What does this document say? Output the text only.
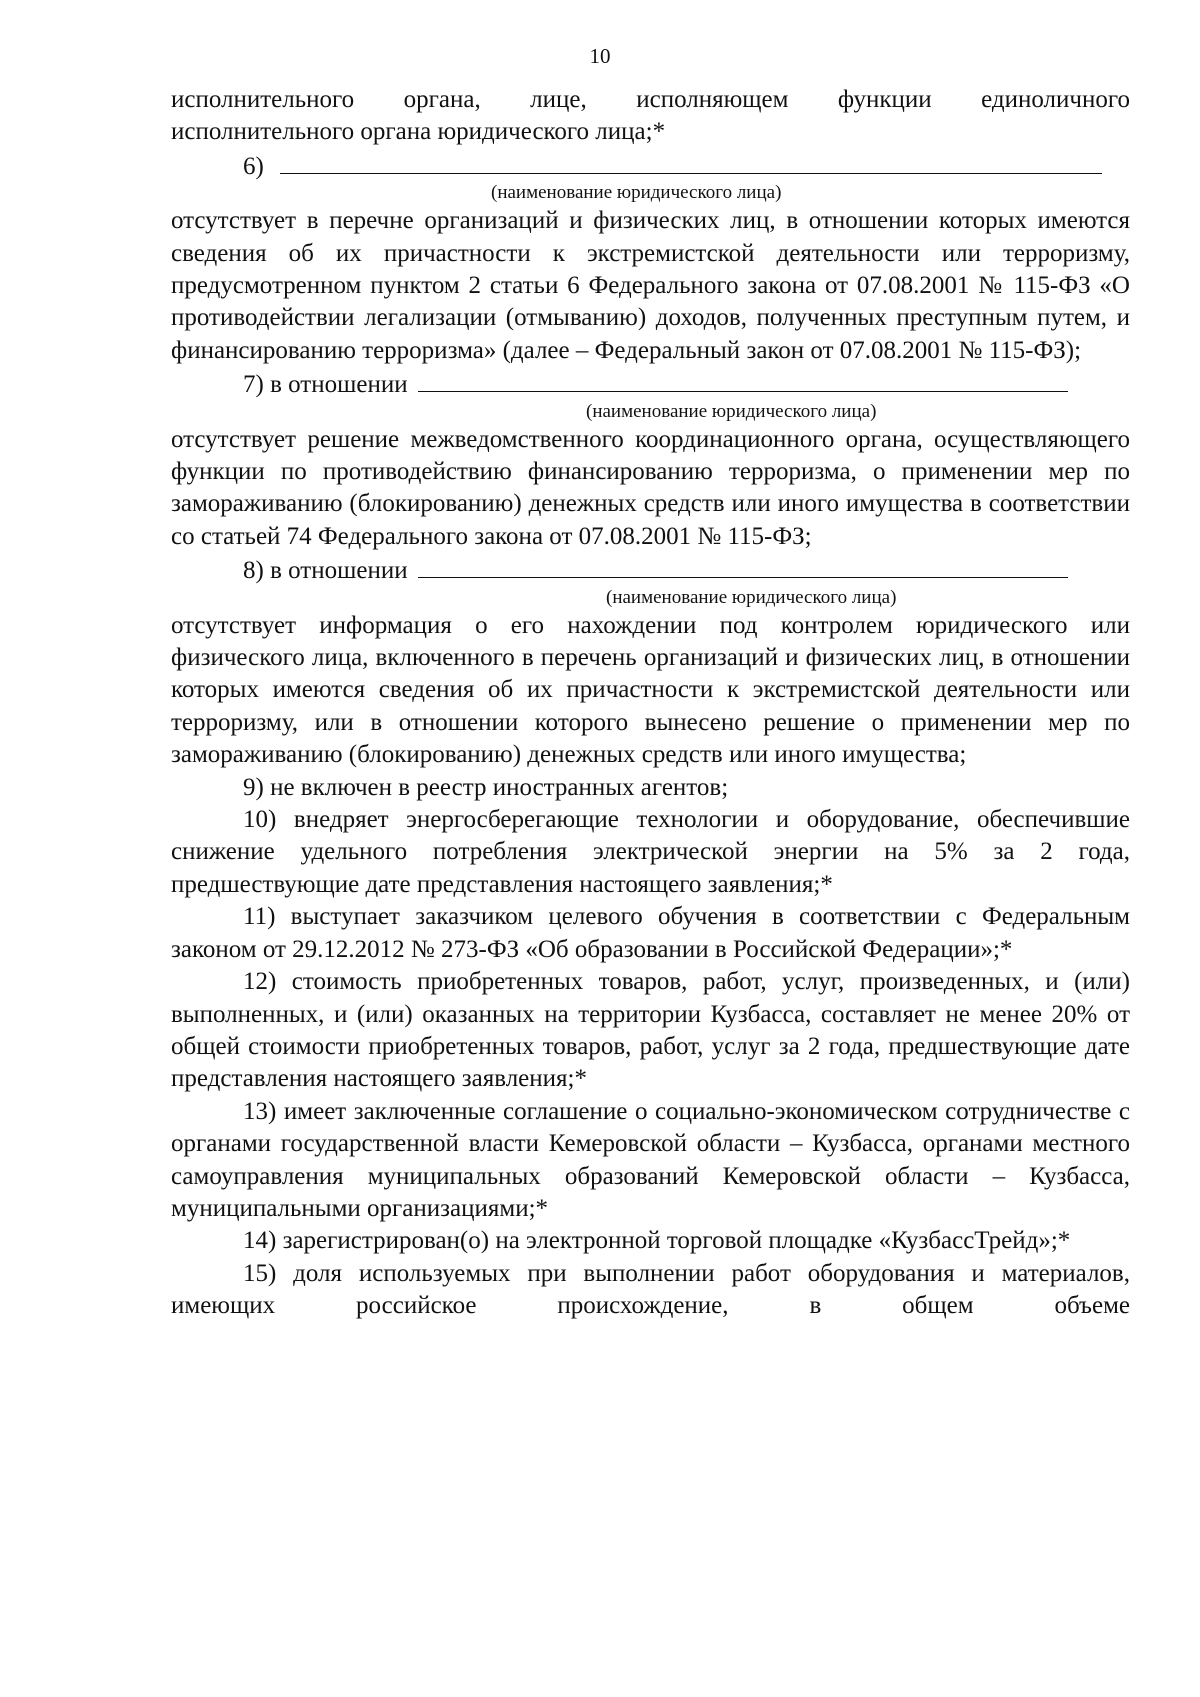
10

исполнительного органа, лице, исполняющем функции единоличного

исполнительного органа юридического лица;*

6)
(наименование юридического лица)

отсутствует в перечне организаций и физических лиц, в отношении которых имеются сведения об их причастности к экстремистской деятельности или терроризму, предусмотренном пунктом 2 статьи 6 Федерального закона от 07.08.2001 № 115-ФЗ «О противодействии легализации (отмыванию) доходов, полученных преступным путем, и финансированию терроризма» (далее – Федеральный закон от 07.08.2001 № 115-ФЗ);

7) в отношении
(наименование юридического лица)

отсутствует решение межведомственного координационного органа, осуществляющего функции по противодействию финансированию терроризма, о применении мер по замораживанию (блокированию) денежных средств или иного имущества в соответствии со статьей 74 Федерального закона от 07.08.2001 № 115-ФЗ;

8) в отношении
(наименование юридического лица)

отсутствует информация о его нахождении под контролем юридического или физического лица, включенного в перечень организаций и физических лиц, в отношении которых имеются сведения об их причастности к экстремистской деятельности или терроризму, или в отношении которого вынесено решение о применении мер по замораживанию (блокированию) денежных средств или иного имущества;

9) не включен в реестр иностранных агентов;

10) внедряет энергосберегающие технологии и оборудование, обеспечившие снижение удельного потребления электрической энергии на 5% за 2 года, предшествующие дате представления настоящего заявления;*

11) выступает заказчиком целевого обучения в соответствии с Федеральным законом от 29.12.2012 № 273-ФЗ «Об образовании в Российской Федерации»;*

12) стоимость приобретенных товаров, работ, услуг, произведенных, и (или) выполненных, и (или) оказанных на территории Кузбасса, составляет не менее 20% от общей стоимости приобретенных товаров, работ, услуг за 2 года, предшествующие дате представления настоящего заявления;*

13) имеет заключенные соглашение о социально-экономическом сотрудничестве с органами государственной власти Кемеровской области – Кузбасса, органами местного самоуправления муниципальных образований Кемеровской области – Кузбасса, муниципальными организациями;*

14) зарегистрирован(о) на электронной торговой площадке «КузбассТрейд»;*

15) доля используемых при выполнении работ оборудования и материалов, имеющих российское происхождение, в общем объеме
